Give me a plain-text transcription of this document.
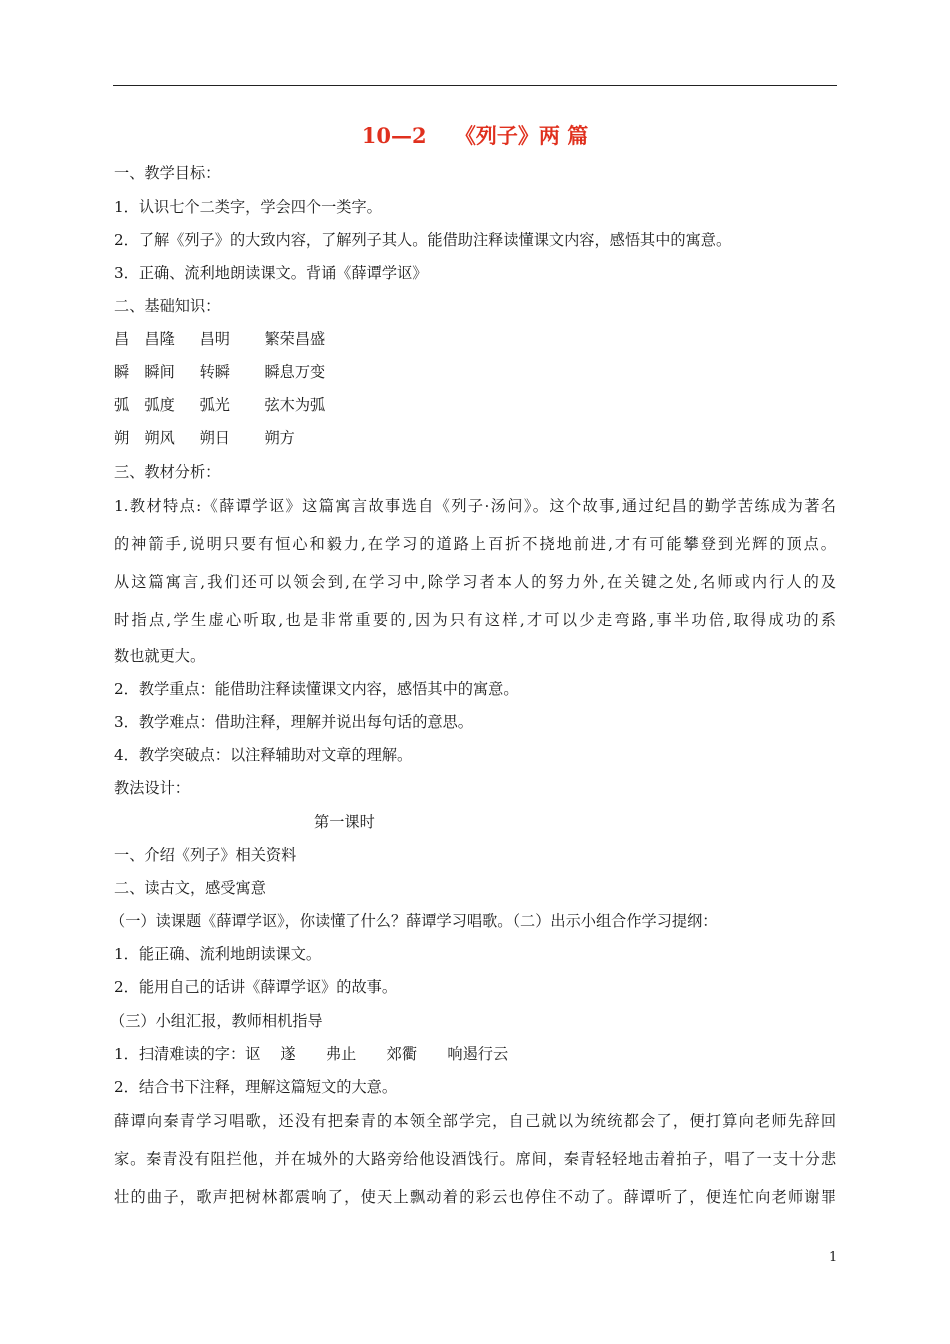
10—2　 《列子》两 篇
一、教学目标：
1．认识七个二类字，学会四个一类字。
2．了解《列子》的大致内容，了解列子其人。能借助注释读懂课文内容，感悟其中的寓意。
3．正确、流利地朗读课文。背诵《薛谭学讴》
二、基础知识：
昌　昌隆　  昌明　    繁荣昌盛
瞬　瞬间　  转瞬　    瞬息万变
弧　弧度　  弧光　    弦木为弧
朔　朔风　  朔日　    朔方
三、教材分析：
1.教材特点:《薛谭学讴》这篇寓言故事选自《列子·汤问》。这个故事,通过纪昌的勤学苦练成为著名
的神箭手,说明只要有恒心和毅力,在学习的道路上百折不挠地前进,才有可能攀登到光辉的顶点。
从这篇寓言,我们还可以领会到,在学习中,除学习者本人的努力外,在关键之处,名师或内行人的及
时指点,学生虚心听取,也是非常重要的,因为只有这样,才可以少走弯路,事半功倍,取得成功的系
数也就更大。
2．教学重点：能借助注释读懂课文内容，感悟其中的寓意。
3．教学难点：借助注释，理解并说出每句话的意思。
4．教学突破点：以注释辅助对文章的理解。
教法设计：
第一课时
一、介绍《列子》相关资料
二、读古文，感受寓意
（一）读课题《薛谭学讴》，你读懂了什么？薛谭学习唱歌。（二）出示小组合作学习提纲：
1．能正确、流利地朗读课文。
2．能用自己的话讲《薛谭学讴》的故事。
（三）小组汇报，教师相机指导
1．扫清难读的字：讴　 遂　　弗止　　郊衢　　响遏行云
2．结合书下注释，理解这篇短文的大意。
薛谭向秦青学习唱歌，还没有把秦青的本领全部学完，自己就以为统统都会了，便打算向老师先辞回
家。秦青没有阻拦他，并在城外的大路旁给他设酒饯行。席间，秦青轻轻地击着拍子，唱了一支十分悲
壮的曲子，歌声把树林都震响了，使天上飘动着的彩云也停住不动了。薛谭听了，便连忙向老师谢罪
1
